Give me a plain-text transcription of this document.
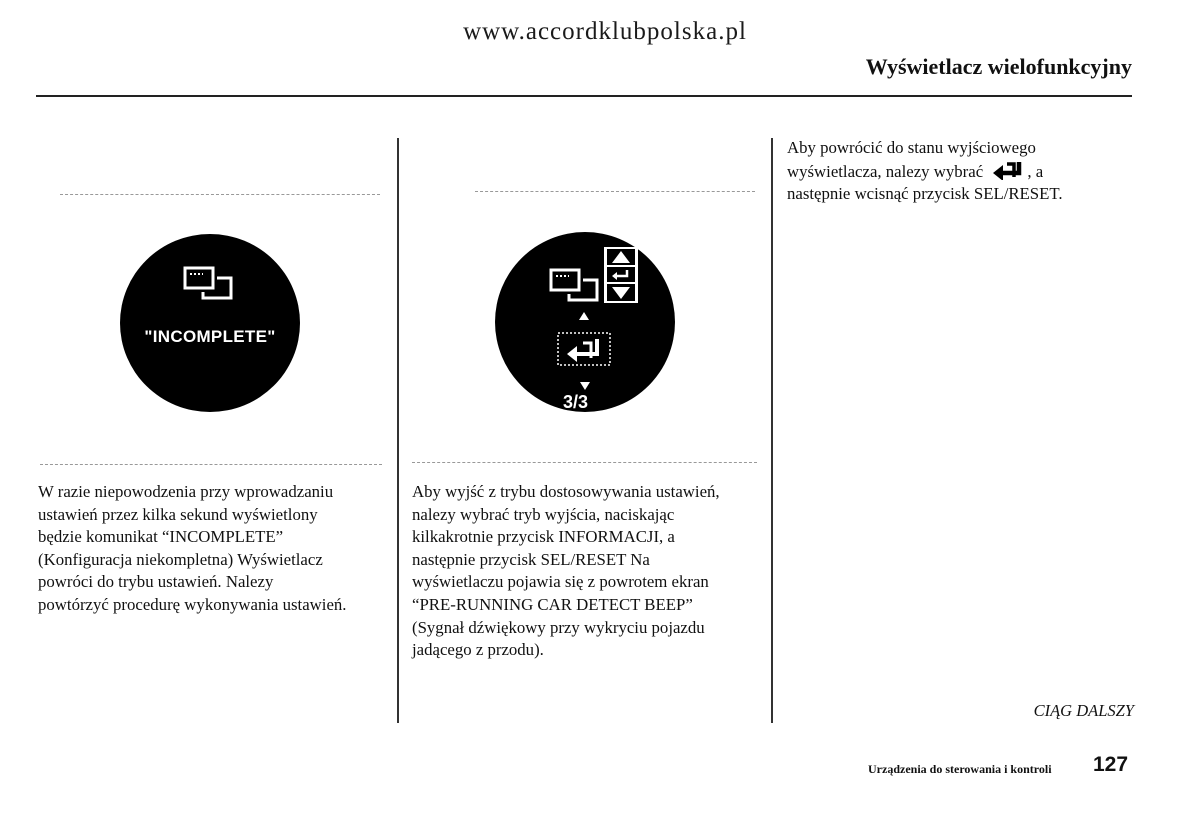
www.accordklubpolska.pl
Wyświetlacz wielofunkcyjny
"INCOMPLETE"
W razie niepowodzenia przy wprowadzaniu
ustawień przez kilka sekund wyświetlony
będzie komunikat “INCOMPLETE”
(Konfiguracja niekompletna) Wyświetlacz
powróci do trybu ustawień. Nalezy
powtórzyć procedurę wykonywania ustawień.
3/3
Aby wyjść z trybu dostosowywania ustawień,
nalezy wybrać tryb wyjścia, naciskając
kilkakrotnie przycisk INFORMACJI, a
następnie przycisk SEL/RESET Na
wyświetlaczu pojawia się z powrotem ekran
“PRE-RUNNING CAR DETECT BEEP”
(Sygnał dźwiękowy przy wykryciu pojazdu
jadącego z przodu).
Aby powrócić do stanu wyjściowego
wyświetlacza, nalezy wybrać	, a
następnie wcisnąć przycisk SEL/RESET.
CIĄG DALSZY
Urządzenia do sterowania i kontroli 127
